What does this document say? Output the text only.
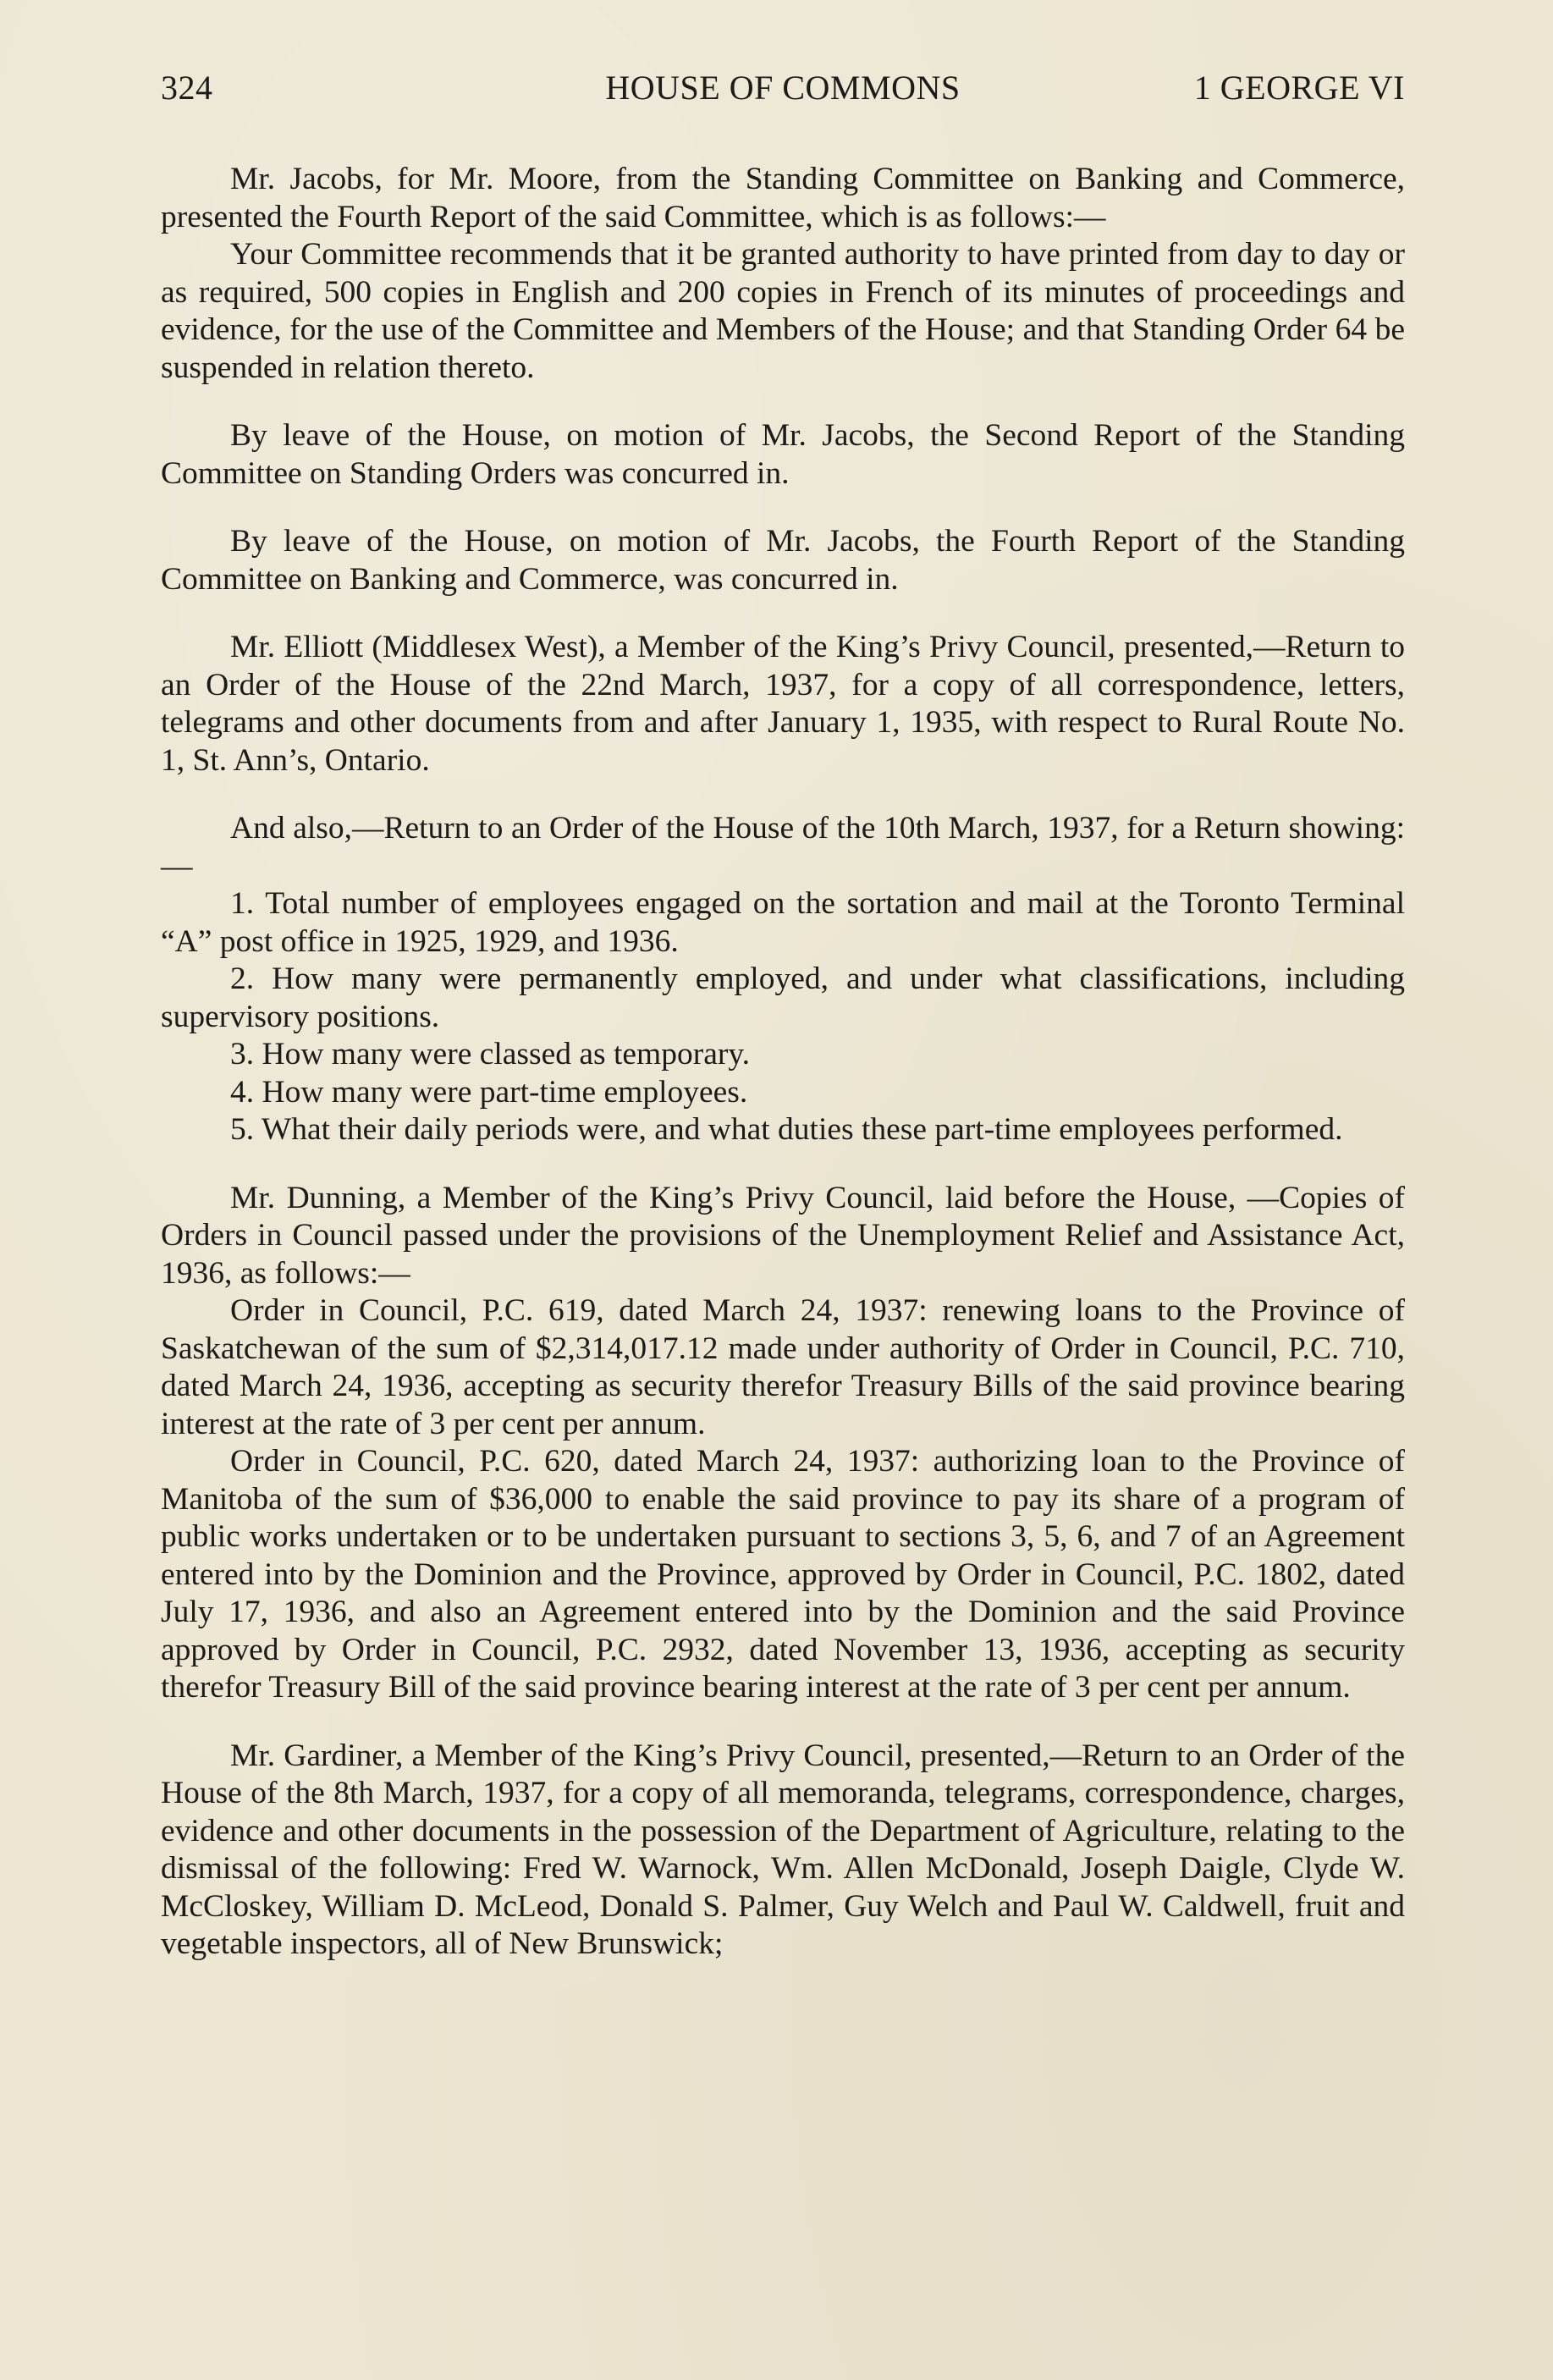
324	HOUSE OF COMMONS	1 GEORGE VI

Mr. Jacobs, for Mr. Moore, from the Standing Committee on Banking and Commerce, presented the Fourth Report of the said Committee, which is as follows:—

Your Committee recommends that it be granted authority to have printed from day to day or as required, 500 copies in English and 200 copies in French of its minutes of proceedings and evidence, for the use of the Committee and Members of the House; and that Standing Order 64 be suspended in relation thereto.

By leave of the House, on motion of Mr. Jacobs, the Second Report of the Standing Committee on Standing Orders was concurred in.

By leave of the House, on motion of Mr. Jacobs, the Fourth Report of the Standing Committee on Banking and Commerce, was concurred in.

Mr. Elliott (Middlesex West), a Member of the King’s Privy Council, presented,—Return to an Order of the House of the 22nd March, 1937, for a copy of all correspondence, letters, telegrams and other documents from and after January 1, 1935, with respect to Rural Route No. 1, St. Ann’s, Ontario.

And also,—Return to an Order of the House of the 10th March, 1937, for a Return showing:—

1. Total number of employees engaged on the sortation and mail at the Toronto Terminal “A” post office in 1925, 1929, and 1936.

2. How many were permanently employed, and under what classifications, including supervisory positions.

3. How many were classed as temporary.

4. How many were part-time employees.

5. What their daily periods were, and what duties these part-time employees performed.

Mr. Dunning, a Member of the King’s Privy Council, laid before the House, —Copies of Orders in Council passed under the provisions of the Unemployment Relief and Assistance Act, 1936, as follows:—

Order in Council, P.C. 619, dated March 24, 1937: renewing loans to the Province of Saskatchewan of the sum of $2,314,017.12 made under authority of Order in Council, P.C. 710, dated March 24, 1936, accepting as security therefor Treasury Bills of the said province bearing interest at the rate of 3 per cent per annum.

Order in Council, P.C. 620, dated March 24, 1937: authorizing loan to the Province of Manitoba of the sum of $36,000 to enable the said province to pay its share of a program of public works undertaken or to be undertaken pursuant to sections 3, 5, 6, and 7 of an Agreement entered into by the Dominion and the Province, approved by Order in Council, P.C. 1802, dated July 17, 1936, and also an Agreement entered into by the Dominion and the said Province approved by Order in Council, P.C. 2932, dated November 13, 1936, accepting as security therefor Treasury Bill of the said province bearing interest at the rate of 3 per cent per annum.

Mr. Gardiner, a Member of the King’s Privy Council, presented,—Return to an Order of the House of the 8th March, 1937, for a copy of all memoranda, telegrams, correspondence, charges, evidence and other documents in the possession of the Department of Agriculture, relating to the dismissal of the following: Fred W. Warnock, Wm. Allen McDonald, Joseph Daigle, Clyde W. McCloskey, William D. McLeod, Donald S. Palmer, Guy Welch and Paul W. Caldwell, fruit and vegetable inspectors, all of New Brunswick;
